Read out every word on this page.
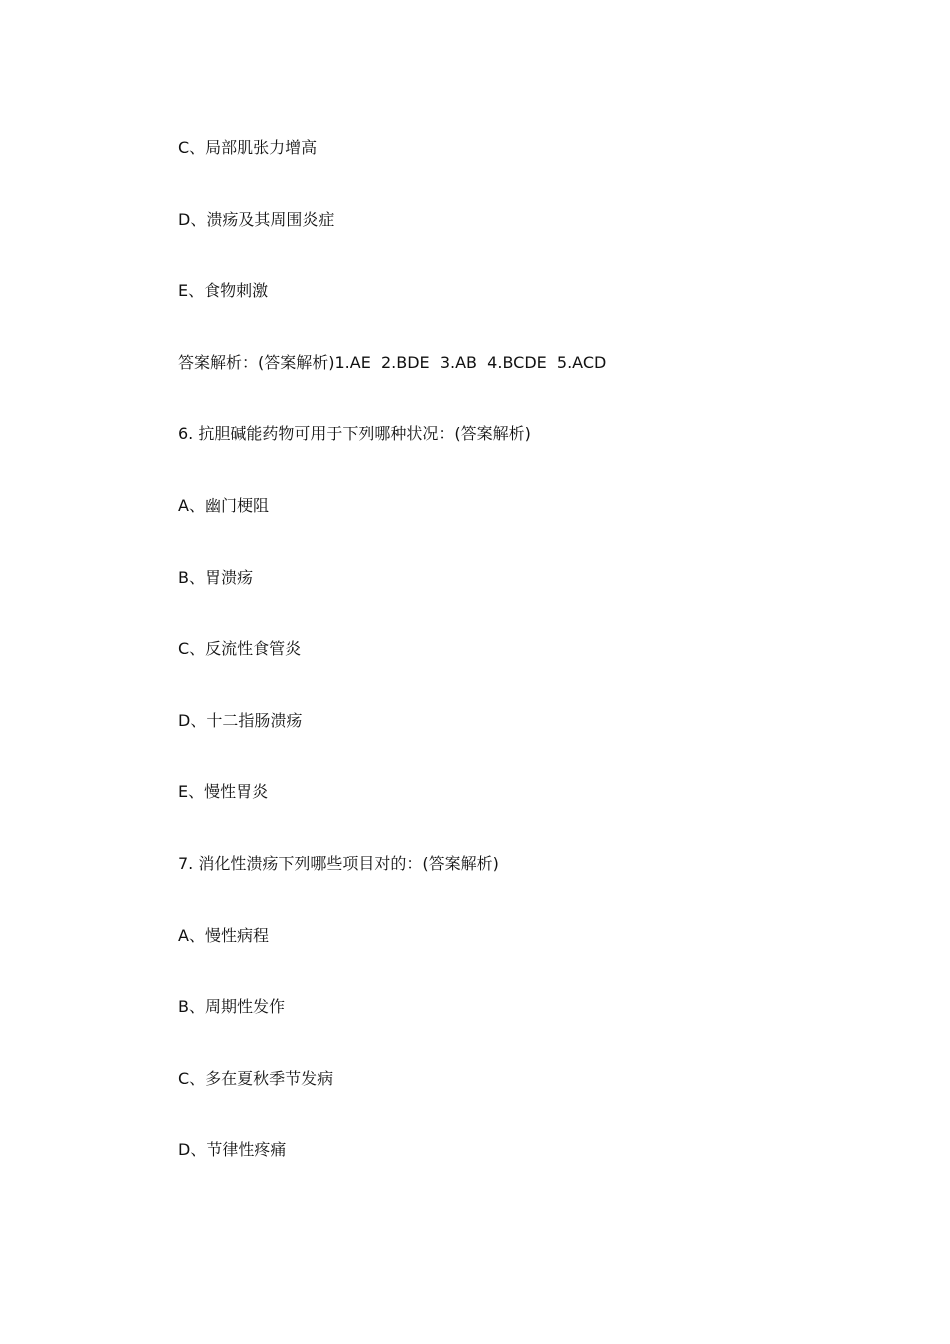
C、局部肌张力增高
D、溃疡及其周围炎症
E、食物刺激
答案解析：(答案解析)1.AE  2.BDE  3.AB  4.BCDE  5.ACD
6. 抗胆碱能药物可用于下列哪种状况：(答案解析)
A、幽门梗阻
B、胃溃疡
C、反流性食管炎
D、十二指肠溃疡
E、慢性胃炎
7. 消化性溃疡下列哪些项目对的：(答案解析)
A、慢性病程
B、周期性发作
C、多在夏秋季节发病
D、节律性疼痛
